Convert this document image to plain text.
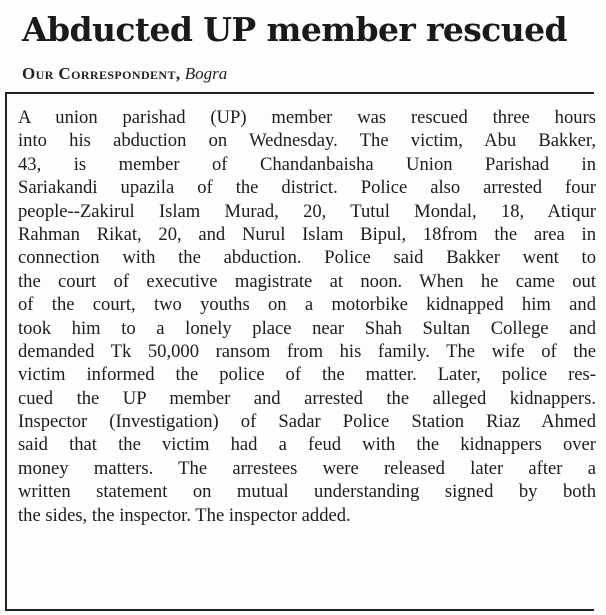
Abducted UP member rescued
Our Correspondent, Bogra
A union parishad (UP) member was rescued three hours
into his abduction on Wednesday. The victim, Abu Bakker,
43, is member of Chandanbaisha Union Parishad in
Sariakandi upazila of the district. Police also arrested four
people--Zakirul Islam Murad, 20, Tutul Mondal, 18, Atiqur
Rahman Rikat, 20, and Nurul Islam Bipul, 18from the area in
connection with the abduction. Police said Bakker went to
the court of executive magistrate at noon. When he came out
of the court, two youths on a motorbike kidnapped him and
took him to a lonely place near Shah Sultan College and
demanded Tk 50,000 ransom from his family. The wife of the
victim informed the police of the matter. Later, police res-
cued the UP member and arrested the alleged kidnappers.
Inspector (Investigation) of Sadar Police Station Riaz Ahmed
said that the victim had a feud with the kidnappers over
money matters. The arrestees were released later after a
written statement on mutual understanding signed by both
the sides, the inspector. The inspector added.
